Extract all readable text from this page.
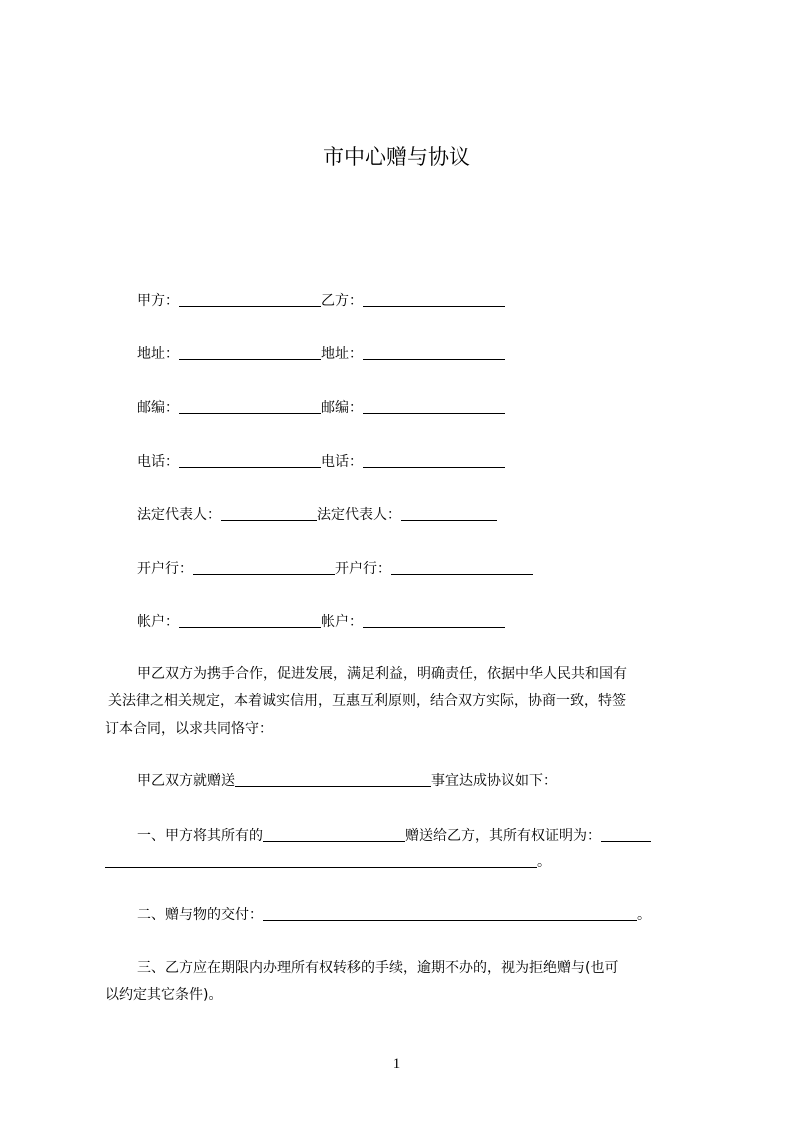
市中心赠与协议
甲方：	乙方：
地址：	地址：
邮编：	邮编：
电话：	电话：
法定代表人：	法定代表人：
开户行：	开户行：
帐户：	帐户：
甲乙双方为携手合作，促进发展，满足利益，明确责任，依据中华人民共和国有
关法律之相关规定，本着诚实信用，互惠互利原则，结合双方实际，协商一致，特签
订本合同，以求共同恪守：
甲乙双方就赠送	事宜达成协议如下：
一、甲方将其所有的	赠送给乙方，其所有权证明为：
。
二、赠与物的交付：	。
三、乙方应在期限内办理所有权转移的手续，逾期不办的，视为拒绝赠与(也可
以约定其它条件)。
1
